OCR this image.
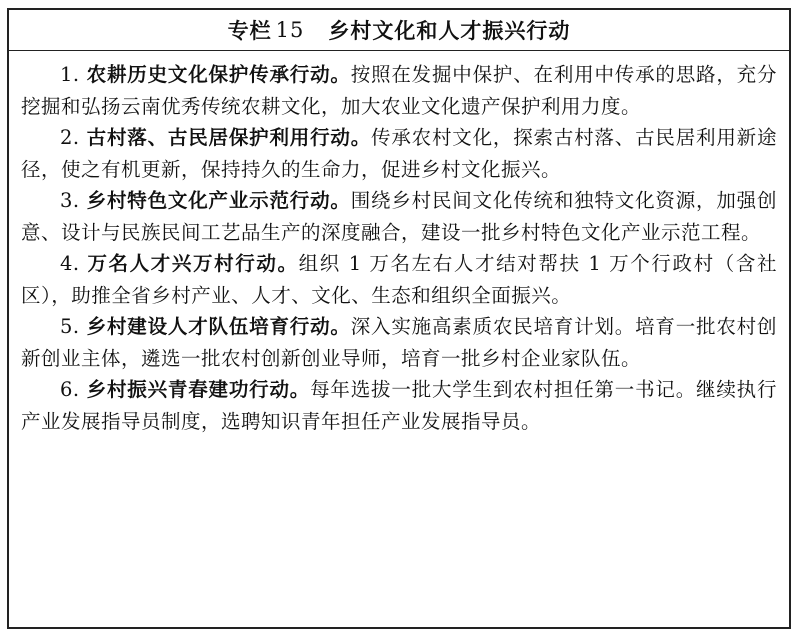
专栏 15 乡村文化和人才振兴行动

1. 农耕历史文化保护传承行动。按照在发掘中保护、在利用中传承的思路，充分挖掘和弘扬云南优秀传统农耕文化，加大农业文化遗产保护利用力度。

2. 古村落、古民居保护利用行动。传承农村文化，探索古村落、古民居利用新途径，使之有机更新，保持持久的生命力，促进乡村文化振兴。

3. 乡村特色文化产业示范行动。围绕乡村民间文化传统和独特文化资源，加强创意、设计与民族民间工艺品生产的深度融合，建设一批乡村特色文化产业示范工程。

4. 万名人才兴万村行动。组织 1 万名左右人才结对帮扶 1 万个行政村（含社区），助推全省乡村产业、人才、文化、生态和组织全面振兴。

5. 乡村建设人才队伍培育行动。深入实施高素质农民培育计划。培育一批农村创新创业主体，遴选一批农村创新创业导师，培育一批乡村企业家队伍。

6. 乡村振兴青春建功行动。每年选拔一批大学生到农村担任第一书记。继续执行产业发展指导员制度，选聘知识青年担任产业发展指导员。
